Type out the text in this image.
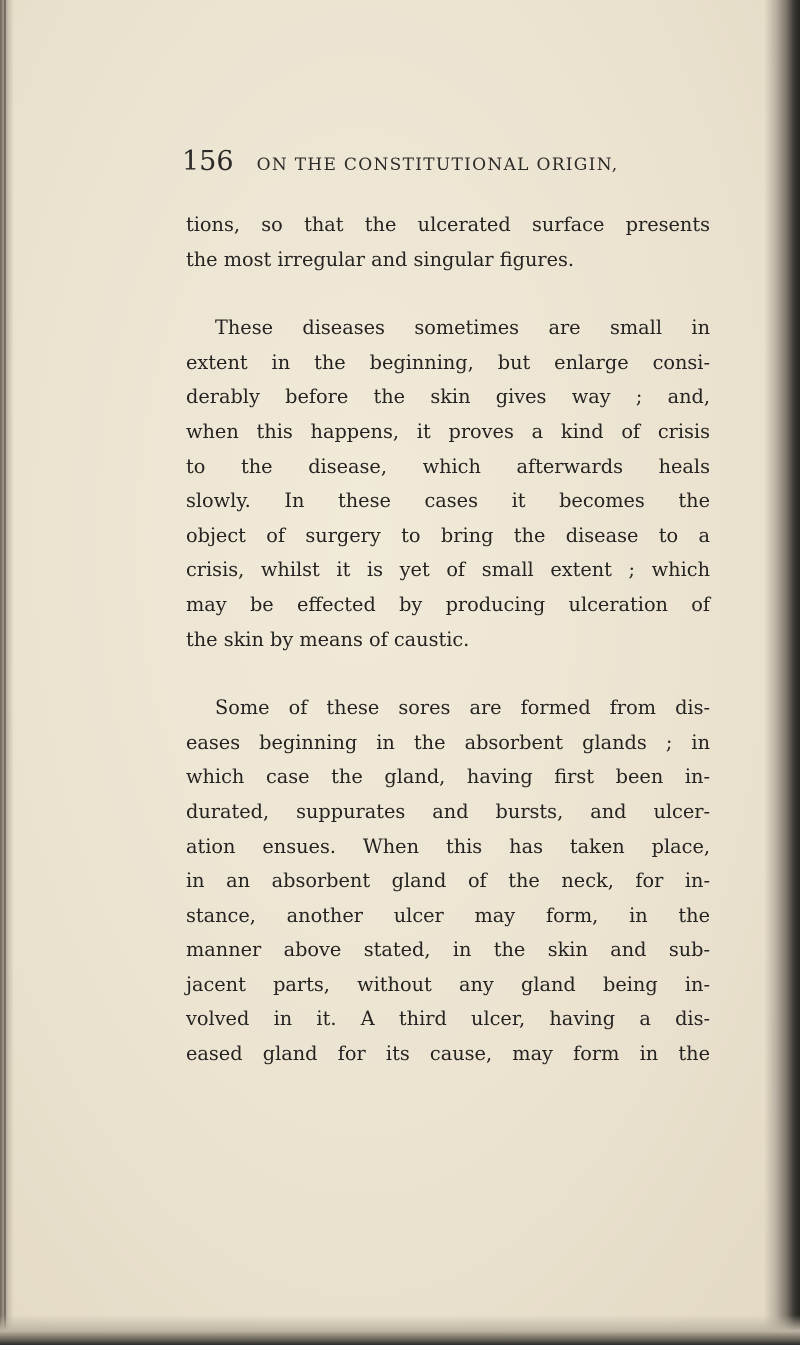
156 ON THE CONSTITUTIONAL ORIGIN,
tions, so that the ulcerated surface presents
the most irregular and singular figures.
These diseases sometimes are small in
extent in the beginning, but enlarge consi-
derably before the skin gives way ; and,
when this happens, it proves a kind of crisis
to the disease, which afterwards heals
slowly. In these cases it becomes the
object of surgery to bring the disease to a
crisis, whilst it is yet of small extent ; which
may be effected by producing ulceration of
the skin by means of caustic.
Some of these sores are formed from dis-
eases beginning in the absorbent glands ; in
which case the gland, having first been in-
durated, suppurates and bursts, and ulcer-
ation ensues. When this has taken place,
in an absorbent gland of the neck, for in-
stance, another ulcer may form, in the
manner above stated, in the skin and sub-
jacent parts, without any gland being in-
volved in it. A third ulcer, having a dis-
eased gland for its cause, may form in the
